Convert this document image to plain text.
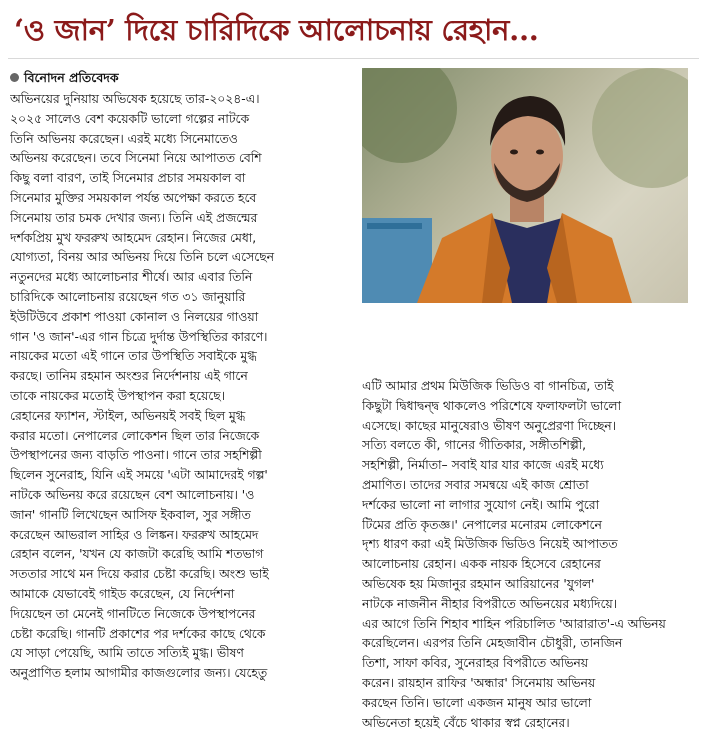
‘ও জান’ দিয়ে চারিদিকে আলোচনায় রেহান...
বিনোদন প্রতিবেদক
অভিনয়ের দুনিয়ায় অভিষেক হয়েছে তার-২০২৪-এ।
২০২৫ সালেও বেশ কয়েকটি ভালো গল্পের নাটকে
তিনি অভিনয় করেছেন। এরই মধ্যে সিনেমাতেও
অভিনয় করেছেন। তবে সিনেমা নিয়ে আপাতত বেশি
কিছু বলা বারণ, তাই সিনেমার প্রচার সময়কাল বা
সিনেমার মুক্তির সময়কাল পর্যন্ত অপেক্ষা করতে হবে
সিনেমায় তার চমক দেখার জন্য। তিনি এই প্রজন্মের
দর্শকপ্রিয় মুখ ফররুখ আহমেদ রেহান। নিজের মেধা,
যোগ্যতা, বিনয় আর অভিনয় দিয়ে তিনি চলে এসেছেন
নতুনদের মধ্যে আলোচনার শীর্ষে। আর এবার তিনি
চারিদিকে আলোচনায় রয়েছেন গত ৩১ জানুয়ারি
ইউটিউবে প্রকাশ পাওয়া কোনাল ও নিলয়ের গাওয়া
গান 'ও জান'-এর গান চিত্রে দুর্দান্ত উপস্থিতির কারণে।
নায়কের মতো এই গানে তার উপস্থিতি সবাইকে মুগ্ধ
করছে। তানিম রহমান অংশুর নির্দেশনায় এই গানে
তাকে নায়কের মতোই উপস্থাপন করা হয়েছে।
রেহানের ফ্যাশন, স্টাইল, অভিনয়ই সবই ছিল মুগ্ধ
করার মতো। নেপালের লোকেশন ছিল তার নিজেকে
উপস্থাপনের জন্য বাড়তি পাওনা। গানে তার সহশিল্পী
ছিলেন সুনেরাহ, যিনি এই সময়ে 'এটা আমাদেরই গল্প'
নাটকে অভিনয় করে রয়েছেন বেশ আলোচনায়। 'ও
জান' গানটি লিখেছেন আসিফ ইকবাল, সুর সঙ্গীত
করেছেন আভরাল সাহির ও লিঙ্কন। ফররুখ আহমেদ
রেহান বলেন, 'যখন যে কাজটা করেছি আমি শতভাগ
সততার সাথে মন দিয়ে করার চেষ্টা করেছি। অংশু ভাই
আমাকে যেভাবেই গাইড করেছেন, যে নির্দেশনা
দিয়েছেন তা মেনেই গানটিতে নিজেকে উপস্থাপনের
চেষ্টা করেছি। গানটি প্রকাশের পর দর্শকের কাছে থেকে
যে সাড়া পেয়েছি, আমি তাতে সত্যিই মুগ্ধ। ভীষণ
অনুপ্রাণিত হলাম আগামীর কাজগুলোর জন্য। যেহেতু
এটি আমার প্রথম মিউজিক ভিডিও বা গানচিত্র, তাই
কিছুটা দ্বিধাদ্বন্দ্ব থাকলেও পরিশেষে ফলাফলটা ভালো
এসেছে। কাছের মানুষেরাও ভীষণ অনুপ্রেরণা দিচ্ছেন।
সত্যি বলতে কী, গানের গীতিকার, সঙ্গীতশিল্পী,
সহশিল্পী, নির্মাতা– সবাই যার যার কাজে এরই মধ্যে
প্রমাণিত। তাদের সবার সমন্বয়ে এই কাজ শ্রোতা
দর্শকের ভালো না লাগার সুযোগ নেই। আমি পুরো
টিমের প্রতি কৃতজ্ঞ।' নেপালের মনোরম লোকেশনে
দৃশ্য ধারণ করা এই মিউজিক ভিডিও নিয়েই আপাতত
আলোচনায় রেহান। একক নায়ক হিসেবে রেহানের
অভিষেক হয় মিজানুর রহমান আরিয়ানের 'যুগল'
নাটকে নাজনীন নীহার বিপরীতে অভিনয়ের মধ্যদিয়ে।
এর আগে তিনি শিহাব শাহিন পরিচালিত 'আরারাত'-এ অভিনয়
করেছিলেন। এরপর তিনি মেহজাবীন চৌধুরী, তানজিন
তিশা, সাফা কবির, সুনেরাহর বিপরীতে অভিনয়
করেন। রায়হান রাফির 'অন্ধার' সিনেমায় অভিনয়
করছেন তিনি। ভালো একজন মানুষ আর ভালো
অভিনেতা হয়েই বেঁচে থাকার স্বপ্ন রেহানের।
